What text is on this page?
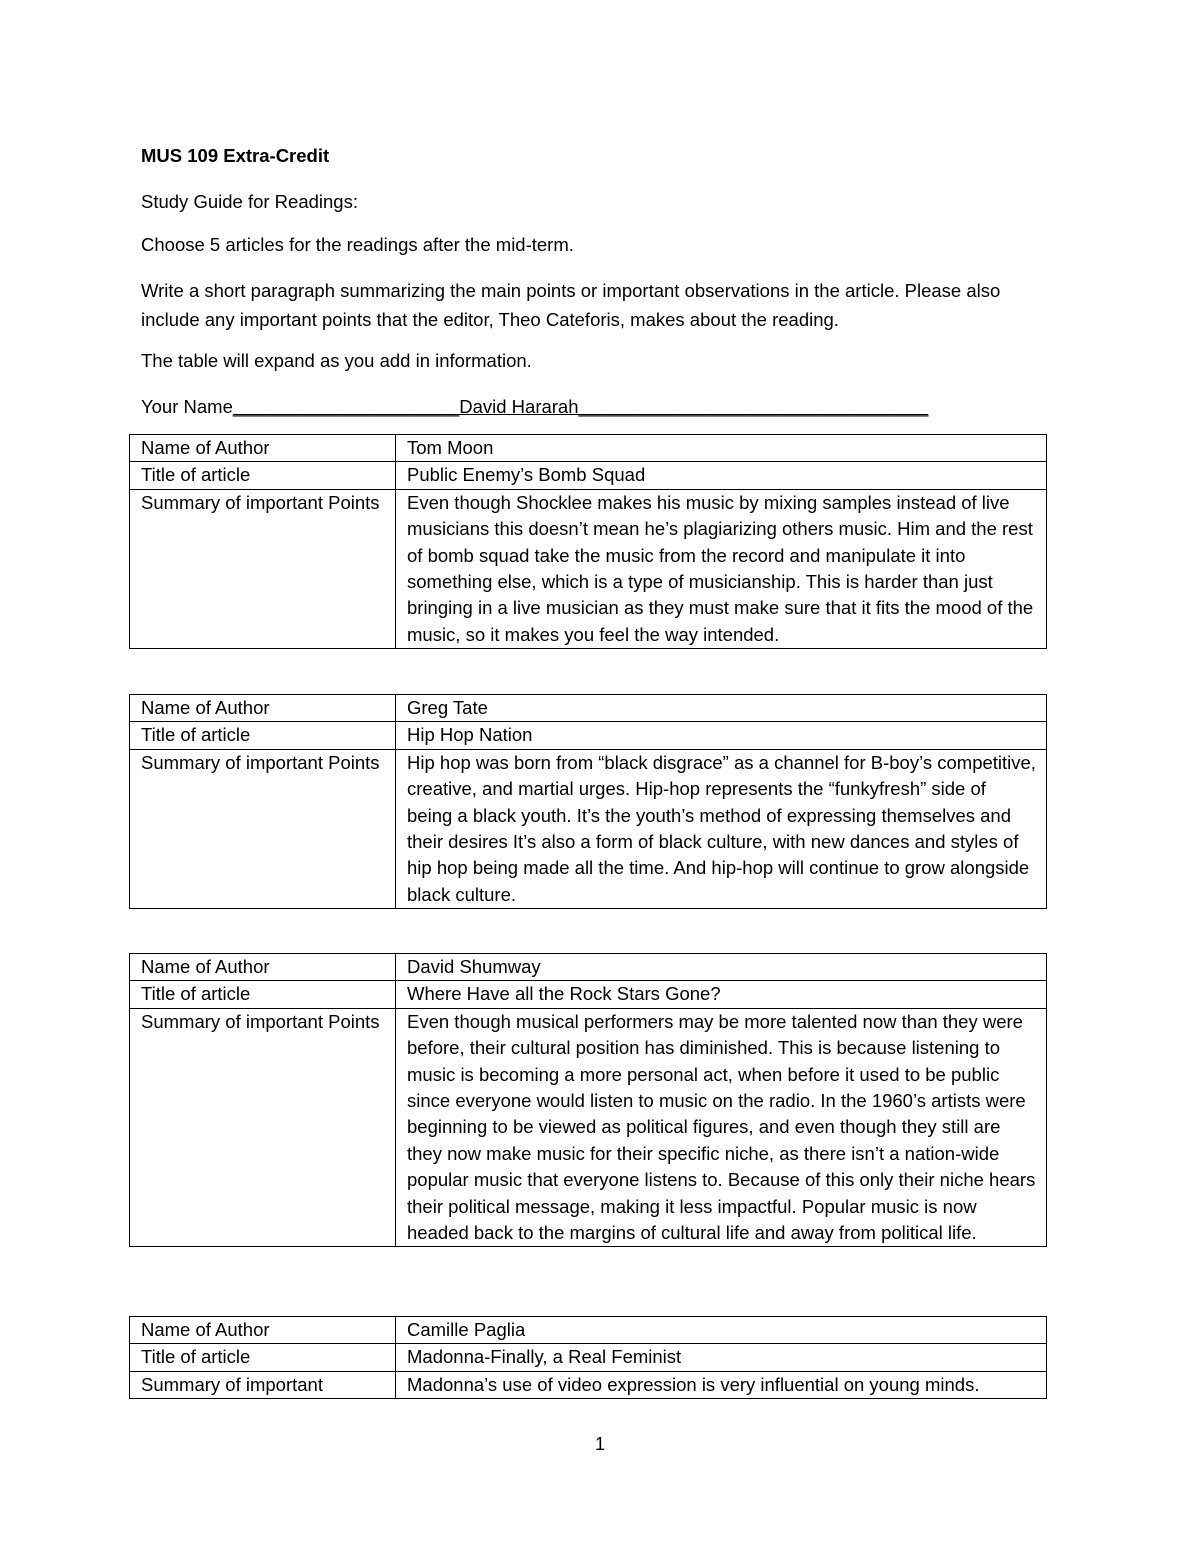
MUS 109 Extra-Credit
Study Guide for Readings:
Choose 5 articles for the readings after the mid-term.
Write a short paragraph summarizing the main points or important observations in the article. Please also include any important points that the editor, Theo Cateforis, makes about the reading.
The table will expand as you add in information.
Your Name______________________David Hararah__________________________________
Name of Author	Tom Moon
Title of article	Public Enemy’s Bomb Squad
Summary of important Points	Even though Shocklee makes his music by mixing samples instead of live musicians this doesn’t mean he’s plagiarizing others music. Him and the rest of bomb squad take the music from the record and manipulate it into something else, which is a type of musicianship. This is harder than just bringing in a live musician as they must make sure that it fits the mood of the music, so it makes you feel the way intended.
Name of Author	Greg Tate
Title of article	Hip Hop Nation
Summary of important Points	Hip hop was born from “black disgrace” as a channel for B-boy’s competitive, creative, and martial urges. Hip-hop represents the “funkyfresh” side of being a black youth. It’s the youth’s method of expressing themselves and their desires It’s also a form of black culture, with new dances and styles of hip hop being made all the time. And hip-hop will continue to grow alongside black culture.
Name of Author	David Shumway
Title of article	Where Have all the Rock Stars Gone?
Summary of important Points	Even though musical performers may be more talented now than they were before, their cultural position has diminished. This is because listening to music is becoming a more personal act, when before it used to be public since everyone would listen to music on the radio. In the 1960’s artists were beginning to be viewed as political figures, and even though they still are they now make music for their specific niche, as there isn’t a nation-wide popular music that everyone listens to. Because of this only their niche hears their political message, making it less impactful. Popular music is now headed back to the margins of cultural life and away from political life.
Name of Author	Camille Paglia
Title of article	Madonna-Finally, a Real Feminist
Summary of important	Madonna’s use of video expression is very influential on young minds.
1
